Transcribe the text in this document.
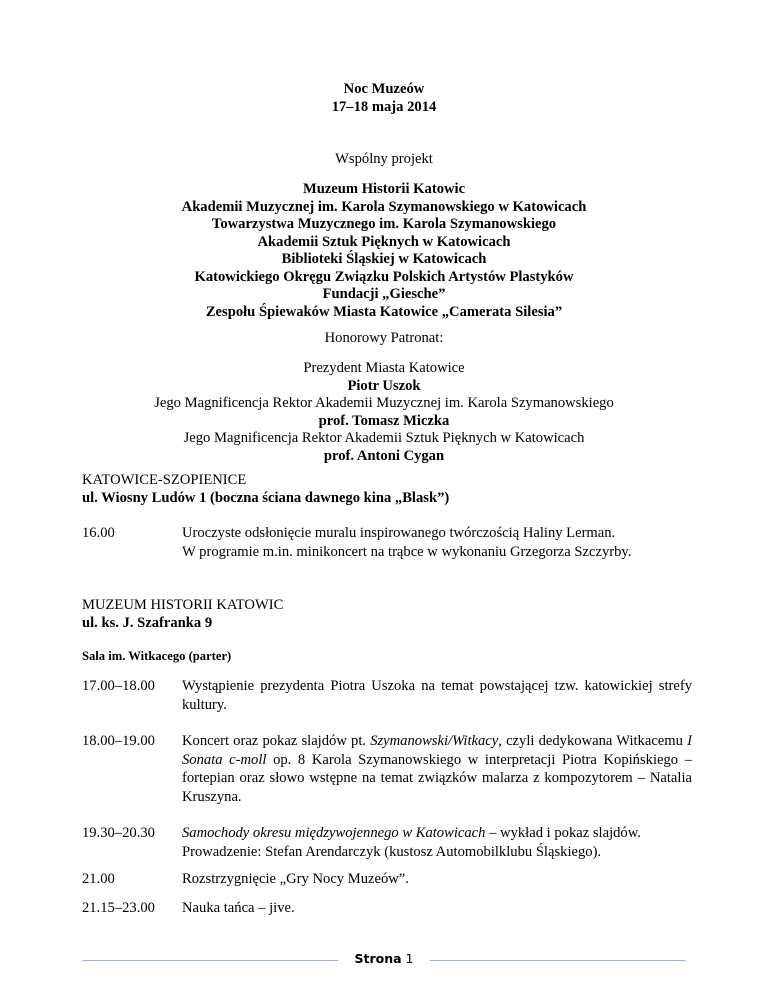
Noc Muzeów
17–18 maja 2014
Wspólny projekt
Muzeum Historii Katowic
Akademii Muzycznej im. Karola Szymanowskiego w Katowicach
Towarzystwa Muzycznego im. Karola Szymanowskiego
Akademii Sztuk Pięknych w Katowicach
Biblioteki Śląskiej w Katowicach
Katowickiego Okręgu Związku Polskich Artystów Plastyków
Fundacji „Giesche”
Zespołu Śpiewaków Miasta Katowice „Camerata Silesia”
Honorowy Patronat:
Prezydent Miasta Katowice
Piotr Uszok
Jego Magnificencja Rektor Akademii Muzycznej im. Karola Szymanowskiego
prof. Tomasz Miczka
Jego Magnificencja Rektor Akademii Sztuk Pięknych w Katowicach
prof. Antoni Cygan
KATOWICE-SZOPIENICE
ul. Wiosny Ludów 1 (boczna ściana dawnego kina „Blask”)
16.00	Uroczyste odsłonięcie muralu inspirowanego twórczością Haliny Lerman.
W programie m.in. minikoncert na trąbce w wykonaniu Grzegorza Szczyrby.
MUZEUM HISTORII KATOWIC
ul. ks. J. Szafranka 9
Sala im. Witkacego (parter)
17.00–18.00 Wystąpienie prezydenta Piotra Uszoka na temat powstającej tzw. katowickiej strefy kultury.
18.00–19.00 Koncert oraz pokaz slajdów pt. Szymanowski/Witkacy, czyli dedykowana Witkacemu I Sonata c-moll op. 8 Karola Szymanowskiego w interpretacji Piotra Kopińskiego – fortepian oraz słowo wstępne na temat związków malarza z kompozytorem – Natalia Kruszyna.
19.30–20.30 Samochody okresu międzywojennego w Katowicach – wykład i pokaz slajdów.
Prowadzenie: Stefan Arendarczyk (kustosz Automobilklubu Śląskiego).
21.00	Rozstrzygnięcie „Gry Nocy Muzeów”.
21.15–23.00 Nauka tańca – jive.
Strona 1
